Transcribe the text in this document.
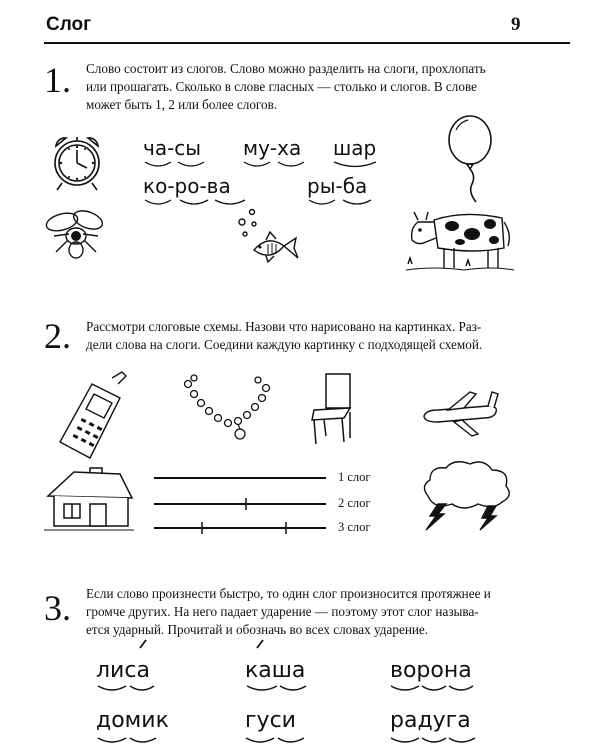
Слог	9
1. Слово состоит из слогов. Слово можно разделить на слоги, прохлопать
или прошагать. Сколько в слове гласных — столько и слогов. В слове
может быть 1, 2 или более слогов.
ча-сы му-ха шар
ко-ро-ва	ры-ба
2. Рассмотри слоговые схемы. Назови что нарисовано на картинках. Раз-
дели слова на слоги. Соедини каждую картинку с подходящей схемой.
1 слог
2 слог
3 слог
3. Если слово произнести быстро, то один слог произносится протяжнее и
громче других. На него падает ударение — поэтому этот слог называ-
ется ударный. Прочитай и обозначь во всех словах ударение.
лиса	каша	ворона
домик	гуси	радуга
